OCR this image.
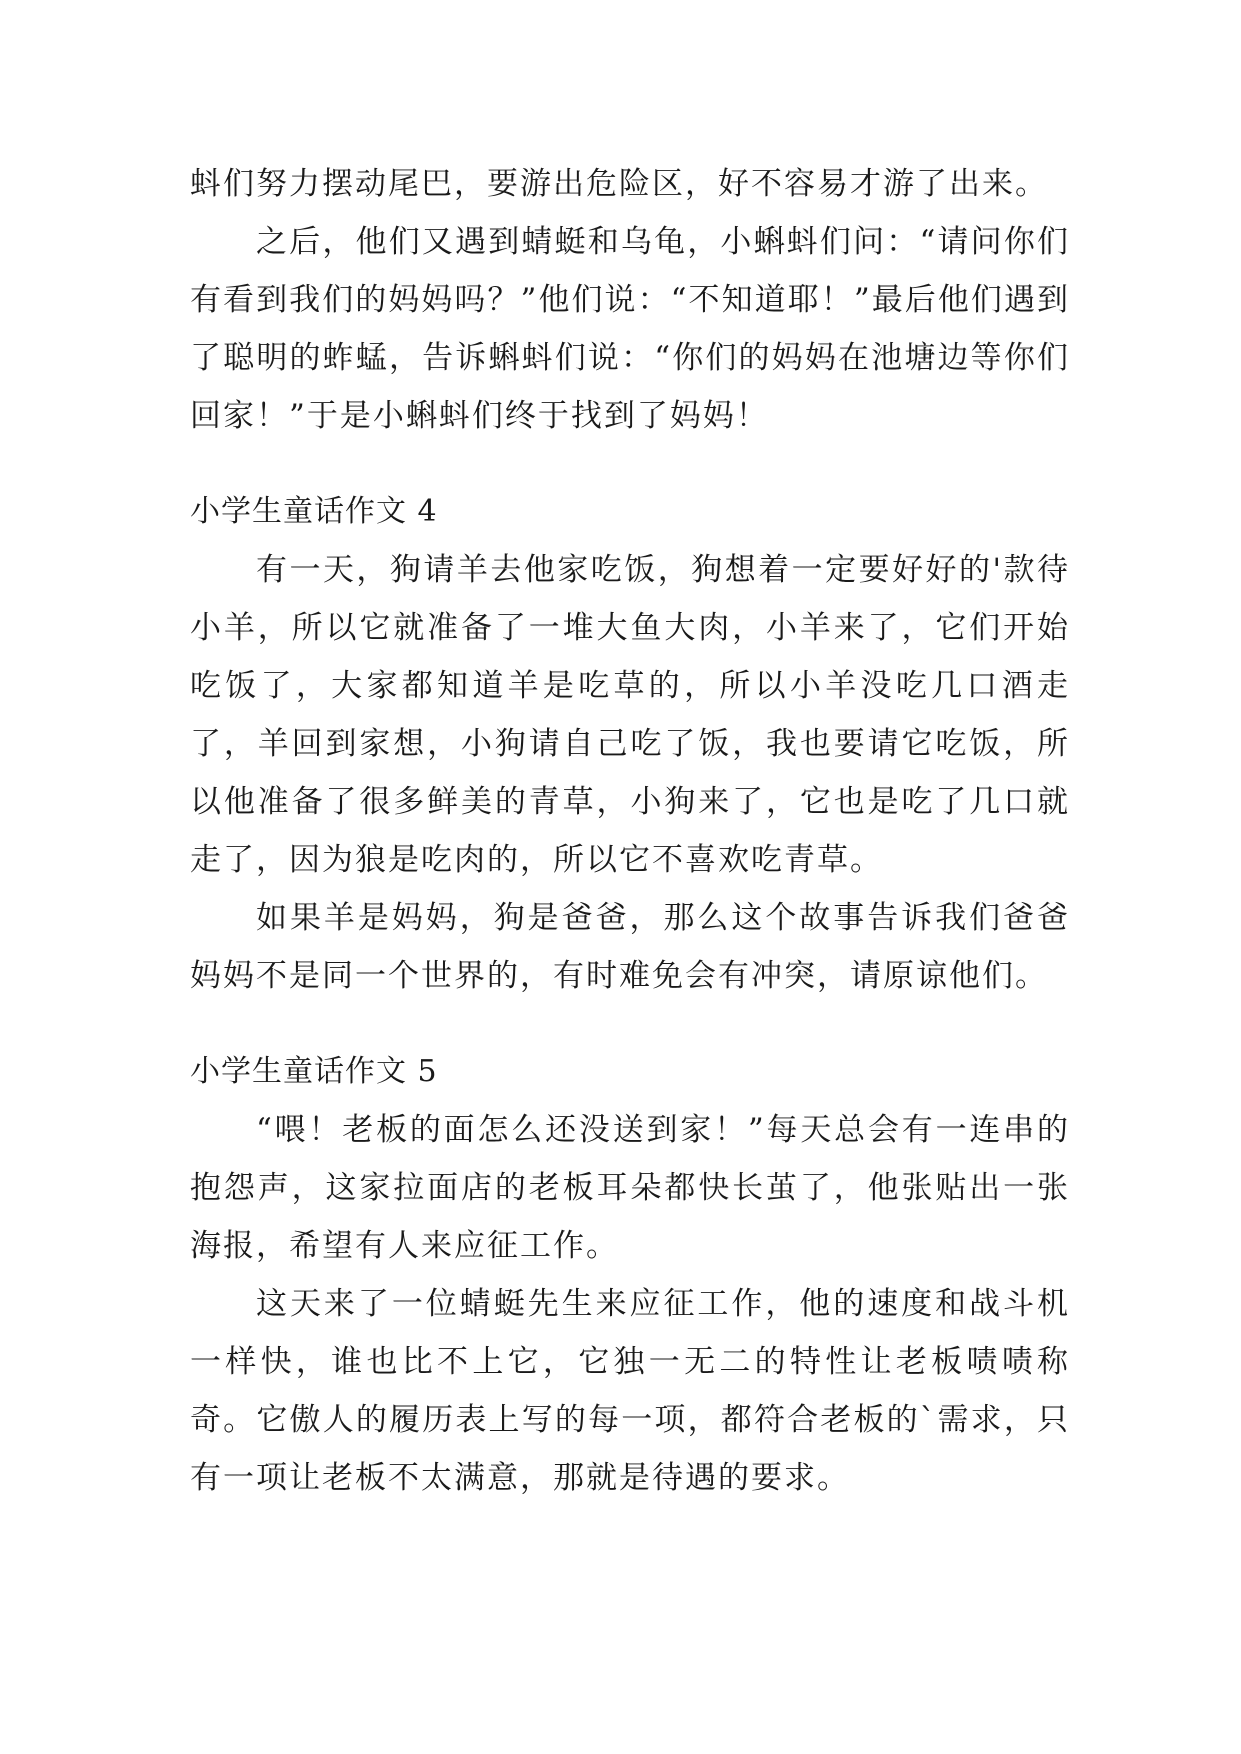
蚪们努力摆动尾巴，要游出危险区，好不容易才游了出来。

之后，他们又遇到蜻蜓和乌龟，小蝌蚪们问：“请问你们有看到我们的妈妈吗？”他们说：“不知道耶！”最后他们遇到了聪明的蚱蜢，告诉蝌蚪们说：“你们的妈妈在池塘边等你们回家！”于是小蝌蚪们终于找到了妈妈！

小学生童话作文 4

有一天，狗请羊去他家吃饭，狗想着一定要好好的'款待小羊，所以它就准备了一堆大鱼大肉，小羊来了，它们开始吃饭了，大家都知道羊是吃草的，所以小羊没吃几口酒走了，羊回到家想，小狗请自己吃了饭，我也要请它吃饭，所以他准备了很多鲜美的青草，小狗来了，它也是吃了几口就走了，因为狼是吃肉的，所以它不喜欢吃青草。

如果羊是妈妈，狗是爸爸，那么这个故事告诉我们爸爸妈妈不是同一个世界的，有时难免会有冲突，请原谅他们。

小学生童话作文 5

“喂！老板的面怎么还没送到家！”每天总会有一连串的抱怨声，这家拉面店的老板耳朵都快长茧了，他张贴出一张海报，希望有人来应征工作。

这天来了一位蜻蜓先生来应征工作，他的速度和战斗机一样快，谁也比不上它，它独一无二的特性让老板啧啧称奇。它傲人的履历表上写的每一项，都符合老板的`需求，只有一项让老板不太满意，那就是待遇的要求。
